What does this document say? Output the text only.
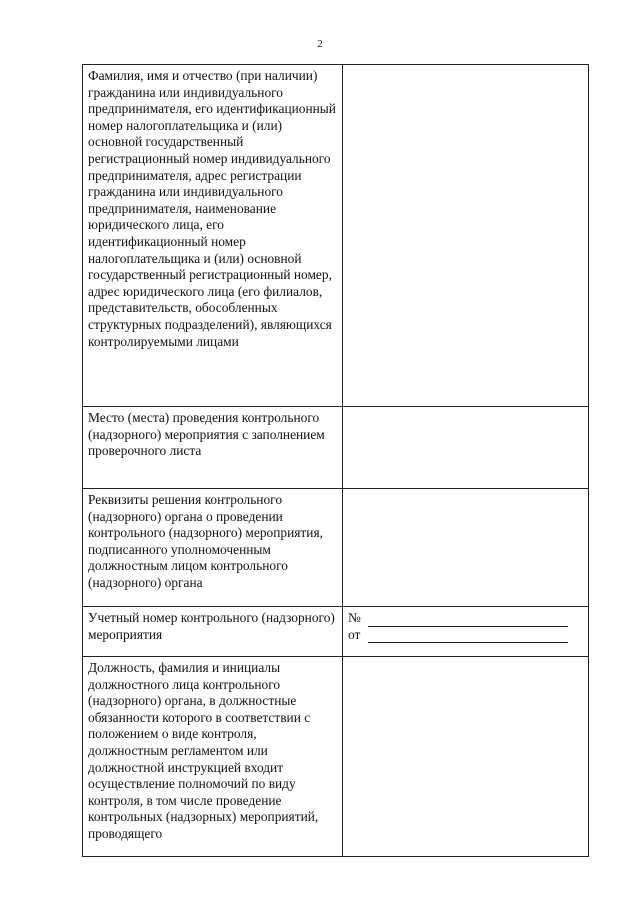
2
Фамилия, имя и отчество (при наличии) гражданина или индивидуального предпринимателя, его идентификационный номер налогоплательщика и (или) основной государственный регистрационный номер индивидуального предпринимателя, адрес регистрации гражданина или индивидуального предпринимателя, наименование юридического лица, его идентификационный номер налогоплательщика и (или) основной государственный регистрационный номер, адрес юридического лица (его филиалов, представительств, обособленных структурных подразделений), являющихся контролируемыми лицами	

Место (места) проведения контрольного (надзорного) мероприятия с заполнением проверочного листа	

Реквизиты решения контрольного (надзорного) органа о проведении контрольного (надзорного) мероприятия, подписанного уполномоченным должностным лицом контрольного (надзорного) органа	

Учетный номер контрольного (надзорного) мероприятия	№
от

Должность, фамилия и инициалы должностного лица контрольного (надзорного) органа, в должностные обязанности которого в соответствии с положением о виде контроля, должностным регламентом или должностной инструкцией входит осуществление полномочий по виду контроля, в том числе проведение контрольных (надзорных) мероприятий, проводящего	
